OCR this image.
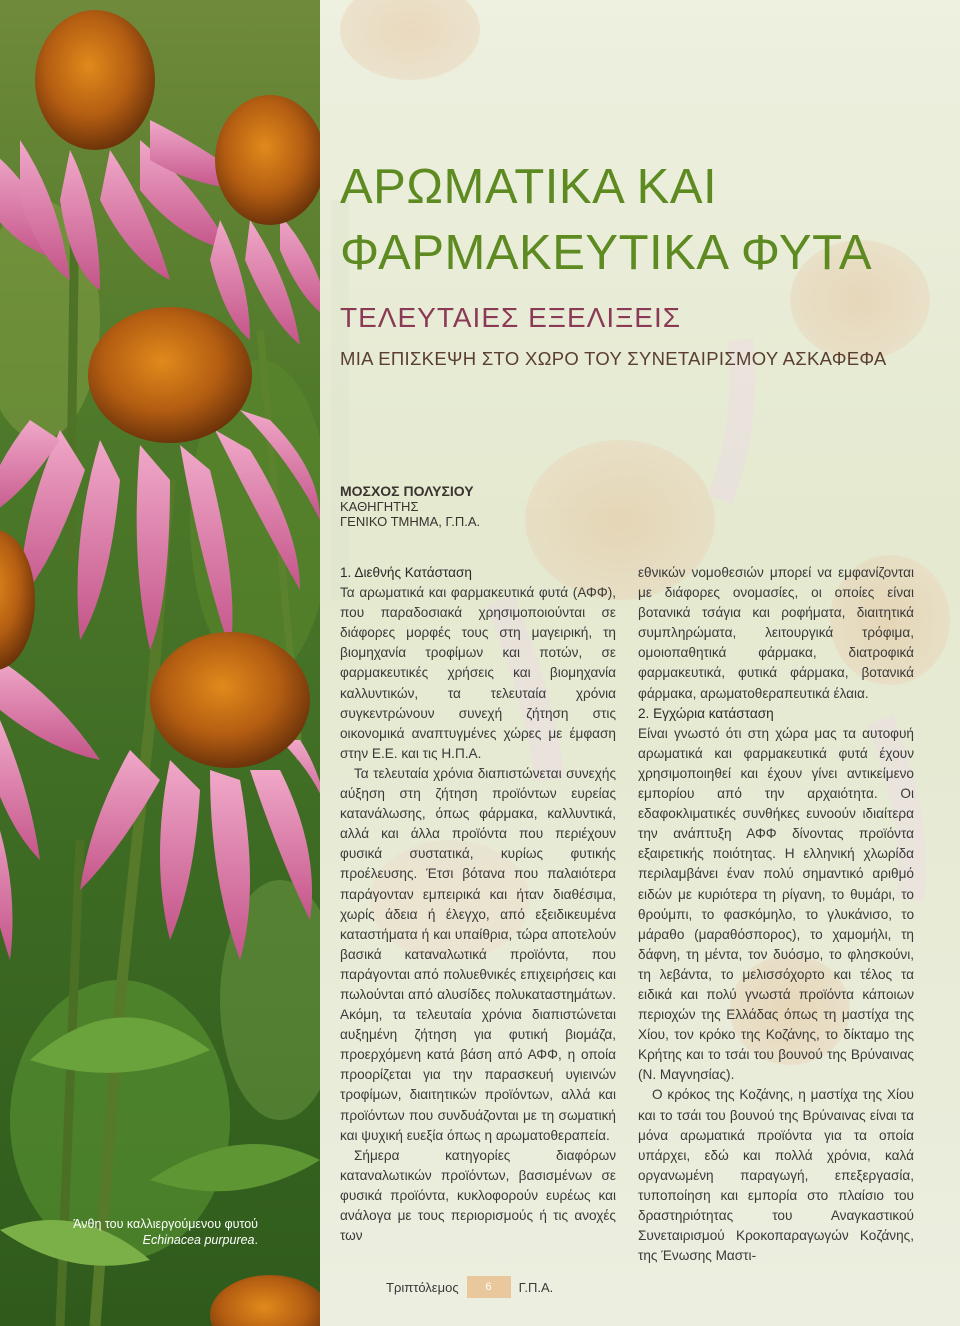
Άνθη του καλλιεργούμενου φυτού Echinacea purpurea.
ΑΡΩΜΑΤΙΚΑ ΚΑΙ
ΦΑΡΜΑΚΕΥΤΙΚΑ ΦΥΤΑ
ΤΕΛΕΥΤΑΙΕΣ ΕΞΕΛΙΞΕΙΣ
ΜΙΑ ΕΠΙΣΚΕΨΗ ΣΤΟ ΧΩΡΟ ΤΟΥ ΣΥΝΕΤΑΙΡΙΣΜΟΥ ΑΣΚΑΦΕΦΑ
ΜΟΣΧΟΣ ΠΟΛΥΣΙΟΥ
ΚΑΘΗΓΗΤΗΣ
ΓΕΝΙΚΟ ΤΜΗΜΑ, Γ.Π.Α.
1. Διεθνής Κατάσταση

Τα αρωματικά και φαρμακευτικά φυτά (ΑΦΦ), που παραδοσιακά χρησιμοποιούνται σε διάφορες μορφές τους στη μαγειρική, τη βιομηχανία τροφίμων και ποτών, σε φαρμακευτικές χρήσεις και βιομηχανία καλλυντικών, τα τελευταία χρόνια συγκεντρώνουν συνεχή ζήτηση στις οικονομικά αναπτυγμένες χώρες με έμφαση στην Ε.Ε. και τις Η.Π.Α.

Τα τελευταία χρόνια διαπιστώνεται συνεχής αύξηση στη ζήτηση προϊόντων ευρείας κατανάλωσης, όπως φάρμακα, καλλυντικά, αλλά και άλλα προϊόντα που περιέχουν φυσικά συστατικά, κυρίως φυτικής προέλευσης. Έτσι βότανα που παλαιότερα παράγονταν εμπειρικά και ήταν διαθέσιμα, χωρίς άδεια ή έλεγχο, από εξειδικευμένα καταστήματα ή και υπαίθρια, τώρα αποτελούν βασικά καταναλωτικά προϊόντα, που παράγονται από πολυεθνικές επιχειρήσεις και πωλούνται από αλυσίδες πολυκαταστημάτων. Ακόμη, τα τελευταία χρόνια διαπιστώνεται αυξημένη ζήτηση για φυτική βιομάζα, προερχόμενη κατά βάση από ΑΦΦ, η οποία προορίζεται για την παρασκευή υγιεινών τροφίμων, διαιτητικών προϊόντων, αλλά και προϊόντων που συνδυάζονται με τη σωματική και ψυχική ευεξία όπως η αρωματοθεραπεία.

Σήμερα κατηγορίες διαφόρων καταναλωτικών προϊόντων, βασισμένων σε φυσικά προϊόντα, κυκλοφορούν ευρέως και ανάλογα με τους περιορισμούς ή τις ανοχές των

εθνικών νομοθεσιών μπορεί να εμφανίζονται με διάφορες ονομασίες, οι οποίες είναι βοτανικά τσάγια και ροφήματα, διαιτητικά συμπληρώματα, λειτουργικά τρόφιμα, ομοιοπαθητικά φάρμακα, διατροφικά φαρμακευτικά, φυτικά φάρμακα, βοτανικά φάρμακα, αρωματοθεραπευτικά έλαια.

2. Εγχώρια κατάσταση

Είναι γνωστό ότι στη χώρα μας τα αυτοφυή αρωματικά και φαρμακευτικά φυτά έχουν χρησιμοποιηθεί και έχουν γίνει αντικείμενο εμπορίου από την αρχαιότητα. Οι εδαφοκλιματικές συνθήκες ευνοούν ιδιαίτερα την ανάπτυξη ΑΦΦ δίνοντας προϊόντα εξαιρετικής ποιότητας. Η ελληνική χλωρίδα περιλαμβάνει έναν πολύ σημαντικό αριθμό ειδών με κυριότερα τη ρίγανη, το θυμάρι, το θρούμπι, το φασκόμηλο, το γλυκάνισο, το μάραθο (μαραθόσπορος), το χαμομήλι, τη δάφνη, τη μέντα, τον δυόσμο, το φλησκούνι, τη λεβάντα, το μελισσόχορτο και τέλος τα ειδικά και πολύ γνωστά προϊόντα κάποιων περιοχών της Ελλάδας όπως τη μαστίχα της Χίου, τον κρόκο της Κοζάνης, το δίκταμο της Κρήτης και το τσάι του βουνού της Βρύναινας (Ν. Μαγνησίας).

Ο κρόκος της Κοζάνης, η μαστίχα της Χίου και το τσάι του βουνού της Βρύναινας είναι τα μόνα αρωματικά προϊόντα για τα οποία υπάρχει, εδώ και πολλά χρόνια, καλά οργανωμένη παραγωγή, επεξεργασία, τυποποίηση και εμπορία στο πλαίσιο του δραστηριότητας του Αναγκαστικού Συνεταιρισμού Κροκοπαραγωγών Κοζάνης, της Ένωσης Μαστι-

Τριπτόλεμος	6	Γ.Π.Α.
